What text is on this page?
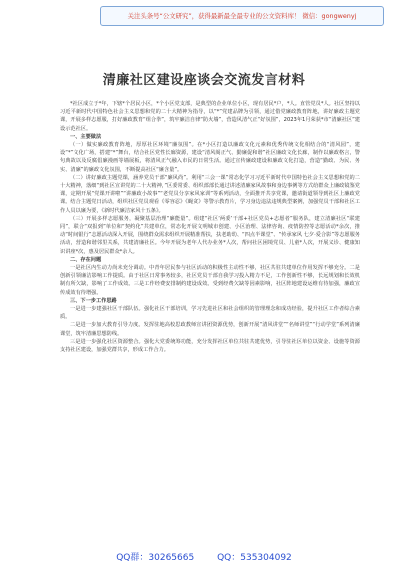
关注头条号“公文研究”，获得最新最全最专业的公文资料库！ 微信：gongwenyj
清廉社区建设座谈会交流发言材料

*社区成立于*年，下辖*个居民小区，*个小区党支部，是典型的企业单位小区，现有居民*户，*人。直管党员*人。社区坚持以习近平新时代中国特色社会主义思想和党的二十大精神为指导，以“*”党建品牌为引领，通过借党廉政教育阵地，讲好廉政主题党课，开展多样志愿服，打好廉政教育“组合拳”，筑牢廉洁自律“防火墙”，营造风清气正“好氛围”，2023年1月荣获*市“清廉社区”建设示范社区。

一、主要做法

（一）做实廉政教育阵地，厚厚社区环境“廉氛围”。在*小区打造以廉政文化元素和优秀传统文化相结合的“清风园”，建设“*”文化广场，搭建“*”舞台，结合社区党性长廊资源，建设“清风阁正气、勤廉促和谐”社区廉政文化长廊，制作以廉政格言，警句典故以及反腐倡廉漫画等墙展板，将清风正气融入市民的日常生活。通过宣传廉政建设和廉政文化打造，营造“勤政、为民、务实、清廉”的廉政文化氛围，不断提高社区“廉含量”。

（二）讲好廉政主题党课，涵养党员干部“廉风尚”。利用“三会一课”常态化学习习近平新时代中国特色社会主义思想和党的二十大精神，落细“到社区宣讲党的二十大精神，”区委常委、组织部部长通过讲述清廉家风故事和身边事例等方式给群众上廉政镜鉴党课，定期开展“党课开讲啦”“讲廉政小故事”“老党员分享家风家训”等系列活动，全面推开共享党课，邀请街道领导到社区上廉政党课。结合主题党日活动，组织社区党员观看《零容忍》《蝇贪》等警示教育片，学习身边违法违规典型案例，加强党员干部和社区工作人员以廉为要，《新时代廉洁家风十五条》。

（三）开展多样志愿服务，凝聚基层治理“廉能量”。组建“社区‘两委’干部+社区党员+志愿者”服务队，建立清廉社区“联建同”，联合“双报到”单位和“契约化”共建单位，常态化开展文明城市创建、小区治理、法律咨询、疫情防控等志愿活动*余次，推动“时间银行”志愿活动深入开展，围绕群众需求组织开展精准帮扶，扶老助幼、“四点半课堂”、“传承家风 七夕·爱合影”等志愿服务活动，营造和谐邻里关系，共建清廉社区。今年开展为老年人代办业务*人次，帮问社区困境党员、儿童*人次，开展义诊、健康知识讲座*次，惠及居民群众*余人。

二、存在问题

一是社区内生动力尚未充分调动。中青年居民参与社区活动的积极性主动性不够，社区共驻共建单位作用发挥不够充分。二是创新引领廉洁影响工作提质。由于社区日常事务较多，社区党员干部自我学习投入精力不足，工作创新性不够，长远规划和长效机制有所欠缺，影响了工作成效。三是工作经费安排制约建设成效。受到经费欠缺等因素影响，社区阵地建设运维有待加强，廉政宣传成效有待增强。

三、下一步工作思路

一是进一步建强社区干部队伍。强化社区干部培训，学习先进社区和社会组织的管理理念和成功经验，提升社区工作者综合素质。

二是进一步加大教育引导力度。发挥驻地高校思政教师宣讲团资源优势，创新开展“清风讲堂”“名师讲堂”“行动学堂”系列清廉课堂，筑牢清廉思想防线。

三是进一步强化社区资源整合。强化大党委统筹功能，充分发挥社区单位共驻共建优势，引导驻社区单位以资金、设施等资源支持社区建设，加强党群共享，形成工作合力。

QQ群：30265665	QQ：535304092
